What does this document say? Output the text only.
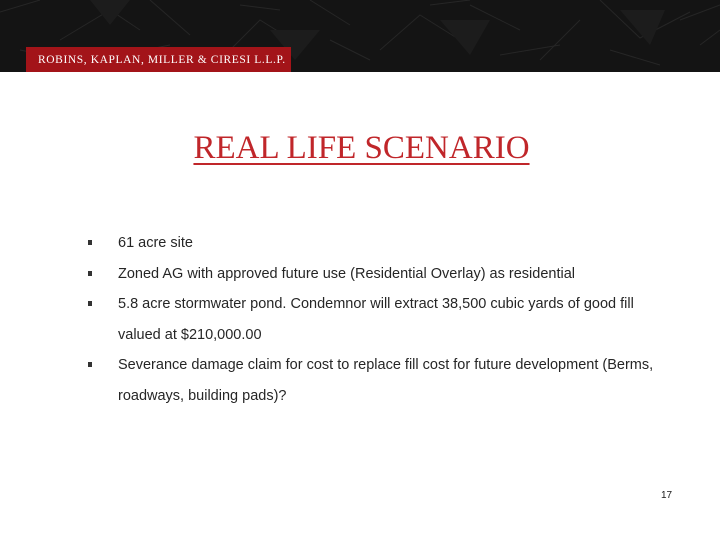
ROBINS, KAPLAN, MILLER & CIRESI L.L.P.
REAL LIFE SCENARIO
61 acre site
Zoned AG with approved future use (Residential Overlay) as residential
5.8 acre stormwater pond. Condemnor will extract 38,500 cubic yards of good fill valued at $210,000.00
Severance damage claim for cost to replace fill cost for future development (Berms, roadways, building pads)?
17
